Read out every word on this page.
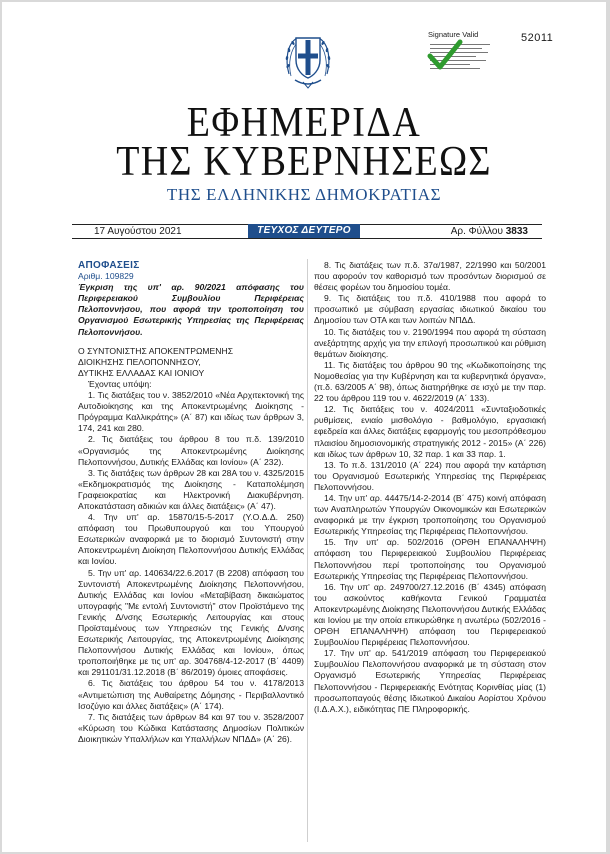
Signature Valid	52011
ΕΦΗΜΕΡΙΔΑ
ΤΗΣ ΚΥΒΕΡΝΗΣΕΩΣ
ΤΗΣ ΕΛΛΗΝΙΚΗΣ ΔΗΜΟΚΡΑΤΙΑΣ
17 Αυγούστου 2021	ΤΕΥΧΟΣ ΔΕΥΤΕΡΟ	Αρ. Φύλλου 3833

ΑΠΟΦΑΣΕΙΣ

Αριθμ. 109829

Έγκριση της υπ' αρ. 90/2021 απόφασης του Περιφερειακού Συμβουλίου Περιφέρειας Πελοποννήσου, που αφορά την τροποποίηση του Οργανισμού Εσωτερικής Υπηρεσίας της Περιφέρειας Πελοποννήσου.

Ο ΣΥΝΤΟΝΙΣΤΗΣ ΑΠΟΚΕΝΤΡΩΜΕΝΗΣ

ΔΙΟΙΚΗΣΗΣ ΠΕΛΟΠΟΝΝΗΣΟΥ,

ΔΥΤΙΚΗΣ ΕΛΛΑΔΑΣ ΚΑΙ ΙΟΝΙΟΥ

Έχοντας υπόψη:

1. Τις διατάξεις του ν. 3852/2010 «Νέα Αρχιτεκτονική της Αυτοδιοίκησης και της Αποκεντρωμένης Διοίκησης - Πρόγραμμα Καλλικράτης» (Α΄ 87) και ιδίως των άρθρων 3, 174, 241 και 280.

2. Τις διατάξεις του άρθρου 8 του π.δ. 139/2010 «Οργανισμός της Αποκεντρωμένης Διοίκησης Πελοποννήσου, Δυτικής Ελλάδας και Ιονίου» (Α΄ 232).

3. Τις διατάξεις των άρθρων 28 και 28Α του ν. 4325/2015 «Εκδημοκρατισμός της Διοίκησης - Καταπολέμηση Γραφειοκρατίας και Ηλεκτρονική Διακυβέρνηση. Αποκατάσταση αδικιών και άλλες διατάξεις» (Α΄ 47).

4. Την υπ' αρ. 15870/15-5-2017 (Υ.Ο.Δ.Δ. 250) απόφαση του Πρωθυπουργού και του Υπουργού Εσωτερικών αναφορικά με το διορισμό Συντονιστή στην Αποκεντρωμένη Διοίκηση Πελοποννήσου Δυτικής Ελλάδας και Ιονίου.

5. Την υπ' αρ. 140634/22.6.2017 (Β 2208) απόφαση του Συντονιστή Αποκεντρωμένης Διοίκησης Πελοποννήσου, Δυτικής Ελλάδας και Ιονίου «Μεταβίβαση δικαιώματος υπογραφής "Με εντολή Συντονιστή" στον Προϊστάμενο της Γενικής Δ/νσης Εσωτερικής Λειτουργίας και στους Προϊσταμένους των Υπηρεσιών της Γενικής Δ/νσης Εσωτερικής Λειτουργίας, της Αποκεντρωμένης Διοίκησης Πελοποννήσου Δυτικής Ελλάδας και Ιονίου», όπως τροποποιήθηκε με τις υπ' αρ. 304768/4-12-2017 (Β΄ 4409) και 291101/31.12.2018 (Β΄ 86/2019) όμοιες αποφάσεις.

6. Τις διατάξεις του άρθρου 54 του ν. 4178/2013 «Αντιμετώπιση της Αυθαίρετης Δόμησης - Περιβαλλοντικό Ισοζύγιο και άλλες διατάξεις» (Α΄ 174).

7. Τις διατάξεις των άρθρων 84 και 97 του ν. 3528/2007 «Κύρωση του Κώδικα Κατάστασης Δημοσίων Πολιτικών Διοικητικών Υπαλλήλων και Υπαλλήλων ΝΠΔΔ» (Α΄ 26).

8. Τις διατάξεις των π.δ. 37α/1987, 22/1990 και 50/2001 που αφορούν τον καθορισμό των προσόντων διορισμού σε θέσεις φορέων του δημοσίου τομέα.

9. Τις διατάξεις του π.δ. 410/1988 που αφορά το προσωπικό με σύμβαση εργασίας ιδιωτικού δικαίου του Δημοσίου των ΟΤΑ και των λοιπών ΝΠΔΔ.

10. Τις διατάξεις του ν. 2190/1994 που αφορά τη σύσταση ανεξάρτητης αρχής για την επιλογή προσωπικού και ρύθμιση θεμάτων διοίκησης.

11. Τις διατάξεις του άρθρου 90 της «Κωδικοποίησης της Νομοθεσίας για την Κυβέρνηση και τα κυβερνητικά όργανα», (π.δ. 63/2005 Α΄ 98), όπως διατηρήθηκε σε ισχύ με την παρ. 22 του άρθρου 119 του ν. 4622/2019 (Α΄ 133).

12. Τις διατάξεις του ν. 4024/2011 «Συνταξιοδοτικές ρυθμίσεις, ενιαίο μισθολόγιο - βαθμολόγιο, εργασιακή εφεδρεία και άλλες διατάξεις εφαρμογής του μεσοπρόθεσμου πλαισίου δημοσιονομικής στρατηγικής 2012 - 2015» (Α΄ 226) και ιδίως των άρθρων 10, 32 παρ. 1 και 33 παρ. 1.

13. Το π.δ. 131/2010 (Α΄ 224) που αφορά την κατάρτιση του Οργανισμού Εσωτερικής Υπηρεσίας της Περιφέρειας Πελοποννήσου.

14. Την υπ' αρ. 44475/14-2-2014 (Β΄ 475) κοινή απόφαση των Αναπληρωτών Υπουργών Οικονομικών και Εσωτερικών αναφορικά με την έγκριση τροποποίησης του Οργανισμού Εσωτερικής Υπηρεσίας της Περιφέρειας Πελοποννήσου.

15. Την υπ' αρ. 502/2016 (ΟΡΘΗ ΕΠΑΝΑΛΗΨΗ) απόφαση του Περιφερειακού Συμβουλίου Περιφέρειας Πελοποννήσου περί τροποποίησης του Οργανισμού Εσωτερικής Υπηρεσίας της Περιφέρειας Πελοποννήσου.

16. Την υπ' αρ. 249700/27.12.2016 (Β΄ 4345) απόφαση του ασκούντος καθήκοντα Γενικού Γραμματέα Αποκεντρωμένης Διοίκησης Πελοποννήσου Δυτικής Ελλάδας και Ιονίου με την οποία επικυρώθηκε η ανωτέρω (502/2016 - ΟΡΘΗ ΕΠΑΝΑΛΗΨΗ) απόφαση του Περιφερειακού Συμβουλίου Περιφέρειας Πελοποννήσου.

17. Την υπ' αρ. 541/2019 απόφαση του Περιφερειακού Συμβουλίου Πελοποννήσου αναφορικά με τη σύσταση στον Οργανισμό Εσωτερικής Υπηρεσίας Περιφέρειας Πελοποννήσου - Περιφερειακής Ενότητας Κορινθίας μίας (1) προσωποπαγούς θέσης Ιδιωτικού Δικαίου Αορίστου Χρόνου (Ι.Δ.Α.Χ.), ειδικότητας ΠΕ Πληροφορικής.
